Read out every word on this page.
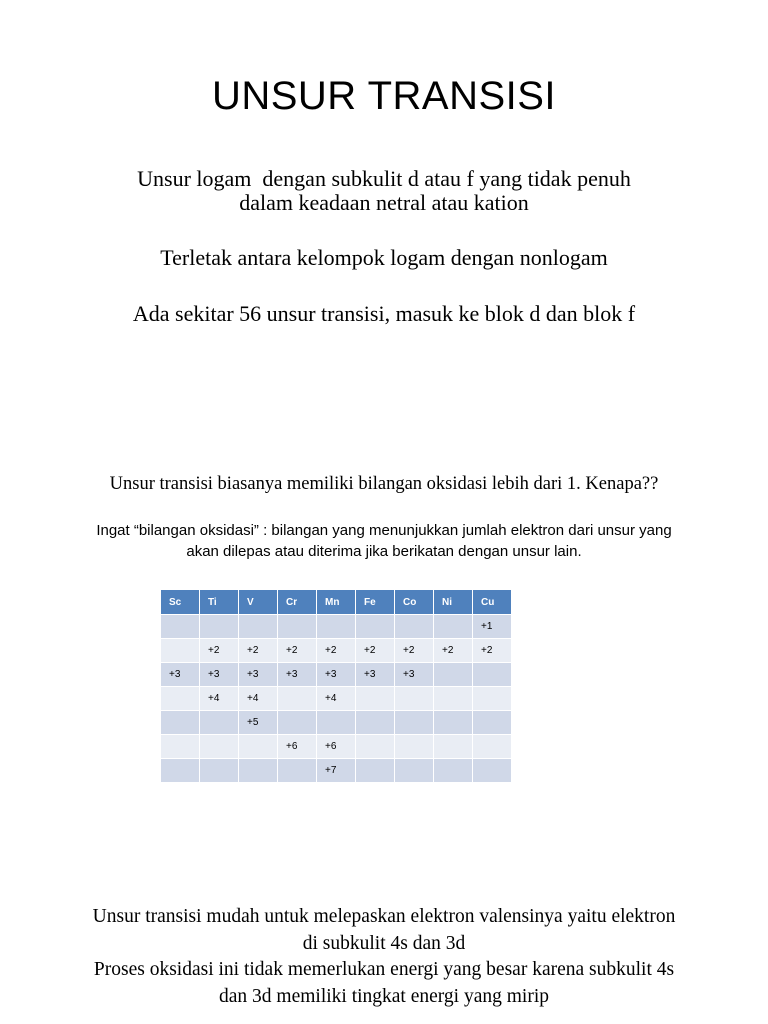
UNSUR TRANSISI
Unsur logam  dengan subkulit d atau f yang tidak penuh
dalam keadaan netral atau kation
Terletak antara kelompok logam dengan nonlogam
Ada sekitar 56 unsur transisi, masuk ke blok d dan blok f
Unsur transisi biasanya memiliki bilangan oksidasi lebih dari 1. Kenapa??
Ingat “bilangan oksidasi” : bilangan yang menunjukkan jumlah elektron dari unsur yang
akan dilepas atau diterima jika berikatan dengan unsur lain.
Sc	Ti	V	Cr	Mn	Fe	Co	Ni	Cu
								+1
	+2	+2	+2	+2	+2	+2	+2	+2
+3	+3	+3	+3	+3	+3	+3		
	+4	+4		+4				
		+5						
			+6	+6				
				+7				
Unsur transisi mudah untuk melepaskan elektron valensinya yaitu elektron
di subkulit 4s dan 3d
Proses oksidasi ini tidak memerlukan energi yang besar karena subkulit 4s
dan 3d memiliki tingkat energi yang mirip
